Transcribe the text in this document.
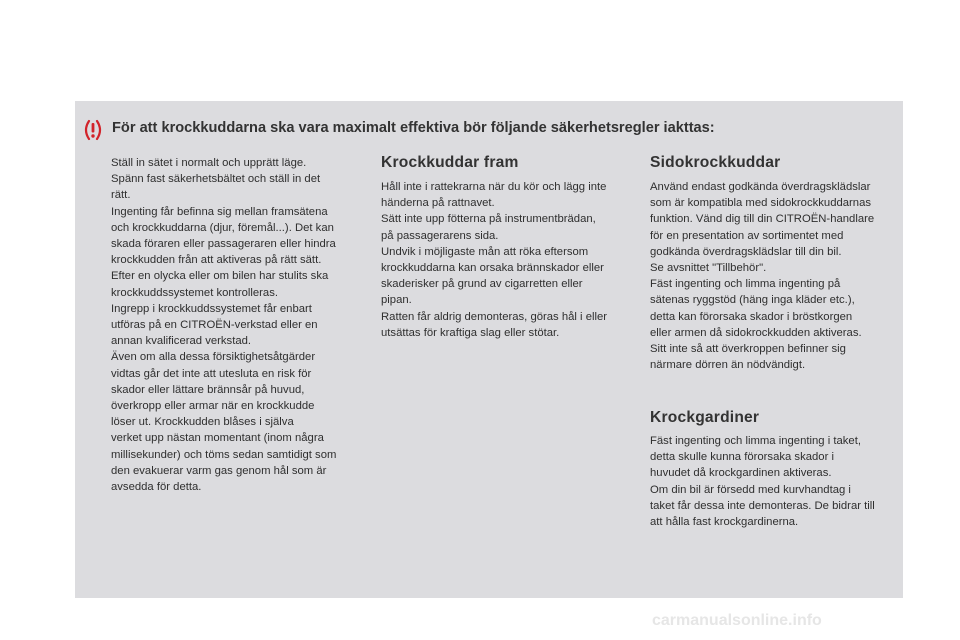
För att krockkuddarna ska vara maximalt effektiva bör följande säkerhetsregler iakttas:

Ställ in sätet i normalt och upprätt läge.

Spänn fast säkerhetsbältet och ställ in det

rätt.

Ingenting får befinna sig mellan framsätena

och krockkuddarna (djur, föremål...). Det kan

skada föraren eller passageraren eller hindra

krockkudden från att aktiveras på rätt sätt.

Efter en olycka eller om bilen har stulits ska

krockkuddssystemet kontrolleras.

Ingrepp i krockkuddssystemet får enbart

utföras på en CITROËN-verkstad eller en

annan kvalificerad verkstad.

Även om alla dessa försiktighetsåtgärder

vidtas går det inte att utesluta en risk för

skador eller lättare brännsår på huvud,

överkropp eller armar när en krockkudde

löser ut. Krockkudden blåses i själva

verket upp nästan momentant (inom några

millisekunder) och töms sedan samtidigt som

den evakuerar varm gas genom hål som är

avsedda för detta.

Krockkuddar fram

Håll inte i rattekrarna när du kör och lägg inte

händerna på rattnavet.

Sätt inte upp fötterna på instrumentbrädan,

på passagerarens sida.

Undvik i möjligaste mån att röka eftersom

krockkuddarna kan orsaka brännskador eller

skaderisker på grund av cigarretten eller

pipan.

Ratten får aldrig demonteras, göras hål i eller

utsättas för kraftiga slag eller stötar.

Sidokrockkuddar

Använd endast godkända överdragsklädslar

som är kompatibla med sidokrockkuddarnas

funktion. Vänd dig till din CITROËN-handlare

för en presentation av sortimentet med

godkända överdragsklädslar till din bil.

Se avsnittet "Tillbehör".

Fäst ingenting och limma ingenting på

sätenas ryggstöd (häng inga kläder etc.),

detta kan förorsaka skador i bröstkorgen

eller armen då sidokrockkudden aktiveras.

Sitt inte så att överkroppen befinner sig

närmare dörren än nödvändigt.

Krockgardiner

Fäst ingenting och limma ingenting i taket,

detta skulle kunna förorsaka skador i

huvudet då krockgardinen aktiveras.

Om din bil är försedd med kurvhandtag i

taket får dessa inte demonteras. De bidrar till

att hålla fast krockgardinerna.

carmanualsonline.info
